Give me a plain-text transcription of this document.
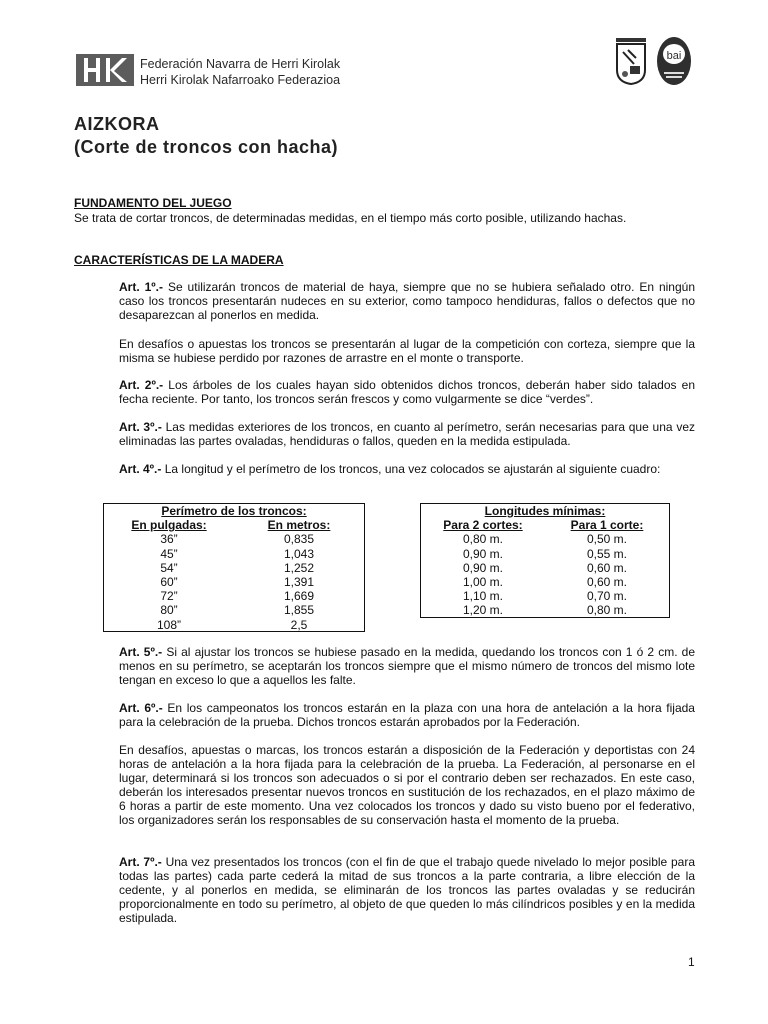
Federación Navarra de Herri Kirolak
Herri Kirolak Nafarroako Federazioa
bai
AIZKORA
(Corte de troncos con hacha)
FUNDAMENTO DEL JUEGO
Se trata de cortar troncos, de determinadas medidas, en el tiempo más corto posible, utilizando hachas.
CARACTERÍSTICAS DE LA MADERA
Art. 1º.- Se utilizarán troncos de material de haya, siempre que no se hubiera señalado otro. En ningún caso los troncos presentarán nudeces en su exterior, como tampoco hendiduras, fallos o defectos que no desaparezcan al ponerlos en medida.
En desafíos o apuestas los troncos se presentarán al lugar de la competición con corteza, siempre que la misma se hubiese perdido por razones de arrastre en el monte o transporte.
Art. 2º.- Los árboles de los cuales hayan sido obtenidos dichos troncos, deberán haber sido talados en fecha reciente. Por tanto, los troncos serán frescos y como vulgarmente se dice “verdes”.
Art. 3º.- Las medidas exteriores de los troncos, en cuanto al perímetro, serán necesarias para que una vez eliminadas las partes ovaladas, hendiduras o fallos, queden en la medida estipulada.
Art. 4º.- La longitud y el perímetro de los troncos, una vez colocados se ajustarán al siguiente cuadro:
Perímetro de los troncos:
En pulgadas:	En metros:
36”	0,835
45”	1,043
54”	1,252
60”	1,391
72”	1,669
80”	1,855
108”	2,5
Longitudes mínimas:
Para 2 cortes:	Para 1 corte:
0,80 m.	0,50 m.
0,90 m.	0,55 m.
0,90 m.	0,60 m.
1,00 m.	0,60 m.
1,10 m.	0,70 m.
1,20 m.	0,80 m.
Art. 5º.- Si al ajustar los troncos se hubiese pasado en la medida, quedando los troncos con 1 ó 2 cm. de menos en su perímetro, se aceptarán los troncos siempre que el mismo número de troncos del mismo lote tengan en exceso lo que a aquellos les falte.
Art. 6º.- En los campeonatos los troncos estarán en la plaza con una hora de antelación a la hora fijada para la celebración de la prueba. Dichos troncos estarán aprobados por la Federación.
En desafíos, apuestas o marcas, los troncos estarán a disposición de la Federación y deportistas con 24 horas de antelación a la hora fijada para la celebración de la prueba. La Federación, al personarse en el lugar, determinará si los troncos son adecuados o si por el contrario deben ser rechazados. En este caso, deberán los interesados presentar nuevos troncos en sustitución de los rechazados, en el plazo máximo de 6 horas a partir de este momento. Una vez colocados los troncos y dado su visto bueno por el federativo, los organizadores serán los responsables de su conservación hasta el momento de la prueba.
Art. 7º.- Una vez presentados los troncos (con el fin de que el trabajo quede nivelado lo mejor posible para todas las partes) cada parte cederá la mitad de sus troncos a la parte contraria, a libre elección de la cedente, y al ponerlos en medida, se eliminarán de los troncos las partes ovaladas y se reducirán proporcionalmente en todo su perímetro, al objeto de que queden lo más cilíndricos posibles y en la medida estipulada.
1
